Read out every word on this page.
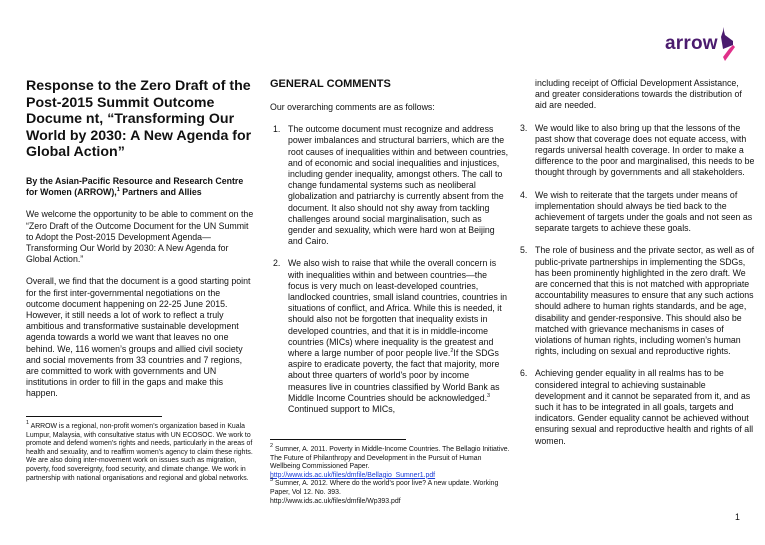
arrow
Response to the Zero Draft of the Post-2015 Summit Outcome Docume nt, “Transforming Our World by 2030: A New Agenda for Global Action”
By the Asian-Pacific Resource and Research Centre for Women (ARROW),$^1$ Partners and Allies

We welcome the opportunity to be able to comment on the “Zero Draft of the Outcome Document for the UN Summit to Adopt the Post-2015 Development Agenda—Transforming Our World by 2030: A New Agenda for Global Action.”

Overall, we find that the document is a good starting point for the first inter-governmental negotiations on the outcome document happening on 22-25 June 2015. However, it still needs a lot of work to reflect a truly ambitious and transformative sustainable development agenda towards a world we want that leaves no one behind. We, 116 women’s groups and allied civil society and social movements from 33 countries and 7 regions, are committed to work with governments and UN institutions in order to fill in the gaps and make this happen.

$^1$ ARROW is a regional, non-profit women’s organization based in Kuala Lumpur, Malaysia, with consultative status with UN ECOSOC. We work to promote and defend women’s rights and needs, particularly in the areas of health and sexuality, and to reaffirm women’s agency to claim these rights. We are also doing inter-movement work on issues such as migration, poverty, food sovereignty, food security, and climate change. We work in partnership with national organisations and regional and global networks.
GENERAL COMMENTS

Our overarching comments are as follows:

1. The outcome document must recognize and address power imbalances and structural barriers, which are the root causes of inequalities within and between countries, and of economic and social inequalities and injustices, including gender inequality, amongst others. The call to change fundamental systems such as neoliberal globalization and patriarchy is currently absent from the document. It also should not shy away from tackling challenges around social marginalisation, such as gender and sexuality, which were hard won at Beijing and Cairo.
2. We also wish to raise that while the overall concern is with inequalities within and between countries—the focus is very much on least-developed countries, landlocked countries, small island countries, countries in situations of conflict, and Africa. While this is needed, it should also not be forgotten that inequality exists in developed countries, and that it is in middle-income countries (MICs) where inequality is the greatest and where a large number of poor people live.$^2$If the SDGs aspire to eradicate poverty, the fact that majority, more about three quarters of world's poor by income measures live in countries classified by World Bank as Middle Income Countries should be acknowledged.$^3$ Continued support to MICs,
$^2$ Sumner, A. 2011. Poverty in Middle-Income Countries. The Bellagio Initiative. The Future of Philanthropy and Development in the Pursuit of Human Wellbeing Commissioned Paper.
http://www.ids.ac.uk/files/dmfile/Bellagio_Sumner1.pdf
$^3$ Sumner, A. 2012. Where do the world's poor live? A new update. Working Paper, Vol 12. No. 393.
http://www.ids.ac.uk/files/dmfile/Wp393.pdf

including receipt of Official Development Assistance, and greater considerations towards the distribution of aid are needed.

3. We would like to also bring up that the lessons of the past show that coverage does not equate access, with regards universal health coverage. In order to make a difference to the poor and marginalised, this needs to be thought through by governments and all stakeholders.
4. We wish to reiterate that the targets under means of implementation should always be tied back to the achievement of targets under the goals and not seen as separate targets to achieve these goals.
5. The role of business and the private sector, as well as of public-private partnerships in implementing the SDGs, has been prominently highlighted in the zero draft. We are concerned that this is not matched with appropriate accountability measures to ensure that any such actions should adhere to human rights standards, and be age, disability and gender-responsive. This should also be matched with grievance mechanisms in cases of violations of human rights, including women’s human rights, including on sexual and reproductive rights.
6. Achieving gender equality in all realms has to be considered integral to achieving sustainable development and it cannot be separated from it, and as such it has to be integrated in all goals, targets and indicators. Gender equality cannot be achieved without ensuring sexual and reproductive health and rights of all women.
1
